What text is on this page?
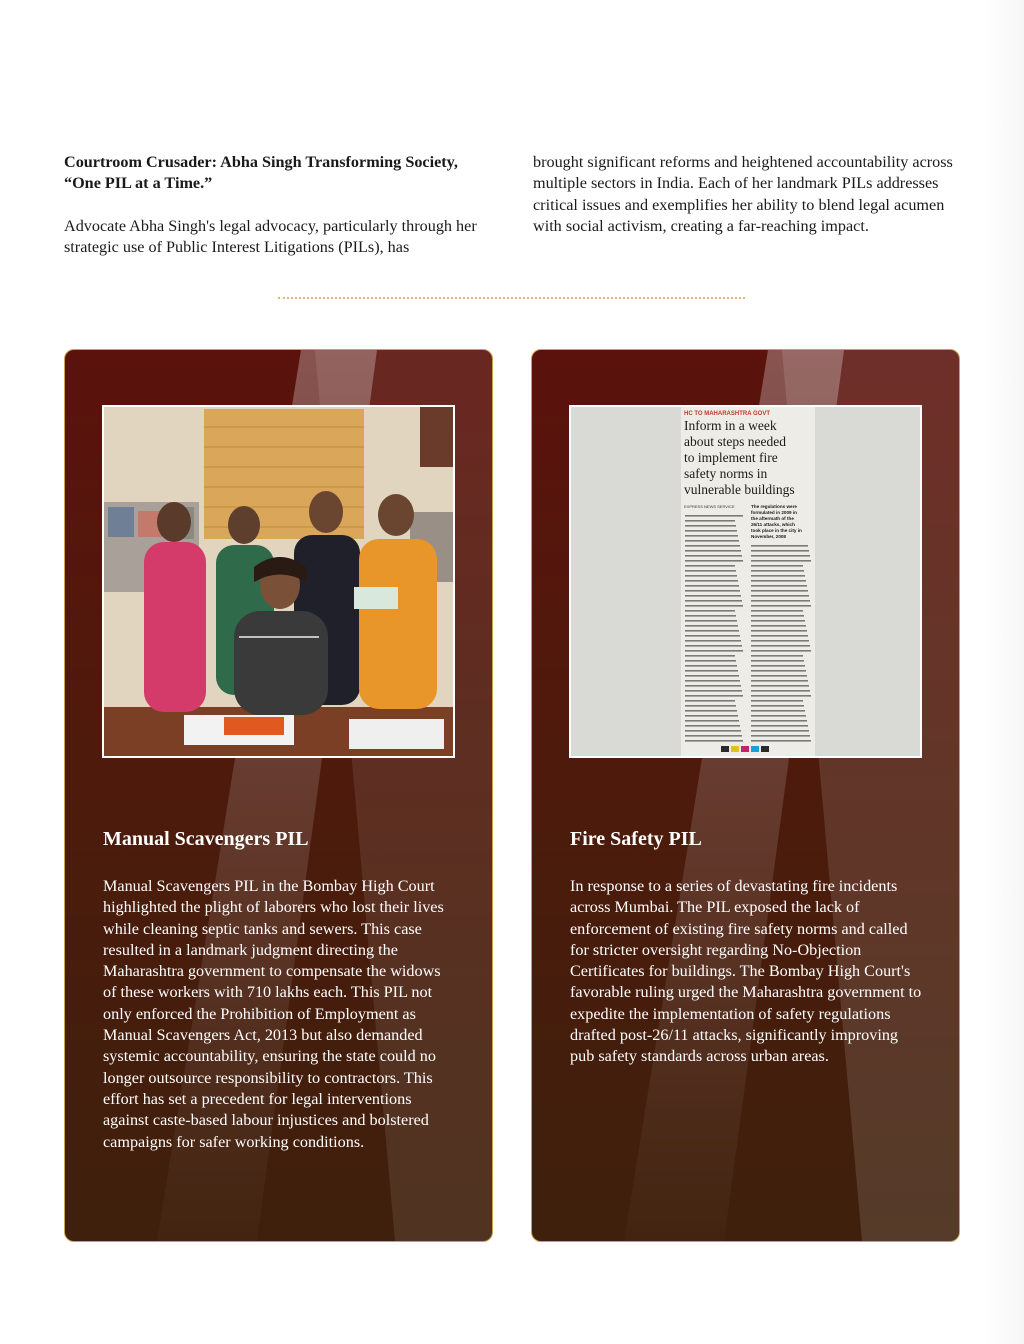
Courtroom Crusader: Abha Singh Transforming Society, “One PIL at a Time.”

Advocate Abha Singh's legal advocacy, particularly through her strategic use of Public Interest Litigations (PILs), has

brought significant reforms and heightened accountability across multiple sectors in India. Each of her landmark PILs addresses critical issues and exemplifies her ability to blend legal acumen with social activism, creating a far-reaching impact.

Manual Scavengers PIL

Manual Scavengers PIL in the Bombay High Court highlighted the plight of laborers who lost their lives while cleaning septic tanks and sewers. This case resulted in a landmark judgment directing the Maharashtra government to compensate the widows of these workers with 710 lakhs each. This PIL not only enforced the Prohibition of Employment as Manual Scavengers Act, 2013 but also demanded systemic accountability, ensuring the state could no longer outsource responsibility to contractors. This effort has set a precedent for legal interventions against caste-based labour injustices and bolstered campaigns for safer working conditions.

HC TO MAHARASHTRA GOVT
Inform in a week
about steps needed
to implement fire
safety norms in
vulnerable buildings
EXPRESS NEWS SERVICE	The regulations were
formulated in 2009 in
the aftermath of the
26/11 attacks, which
took place in the city in
November, 2008
Fire Safety PIL

In response to a series of devastating fire incidents across Mumbai. The PIL exposed the lack of enforcement of existing fire safety norms and called for stricter oversight regarding No-Objection Certificates for buildings. The Bombay High Court's favorable ruling urged the Maharashtra government to expedite the implementation of safety regulations drafted post-26/11 attacks, significantly improving pub safety standards across urban areas.
